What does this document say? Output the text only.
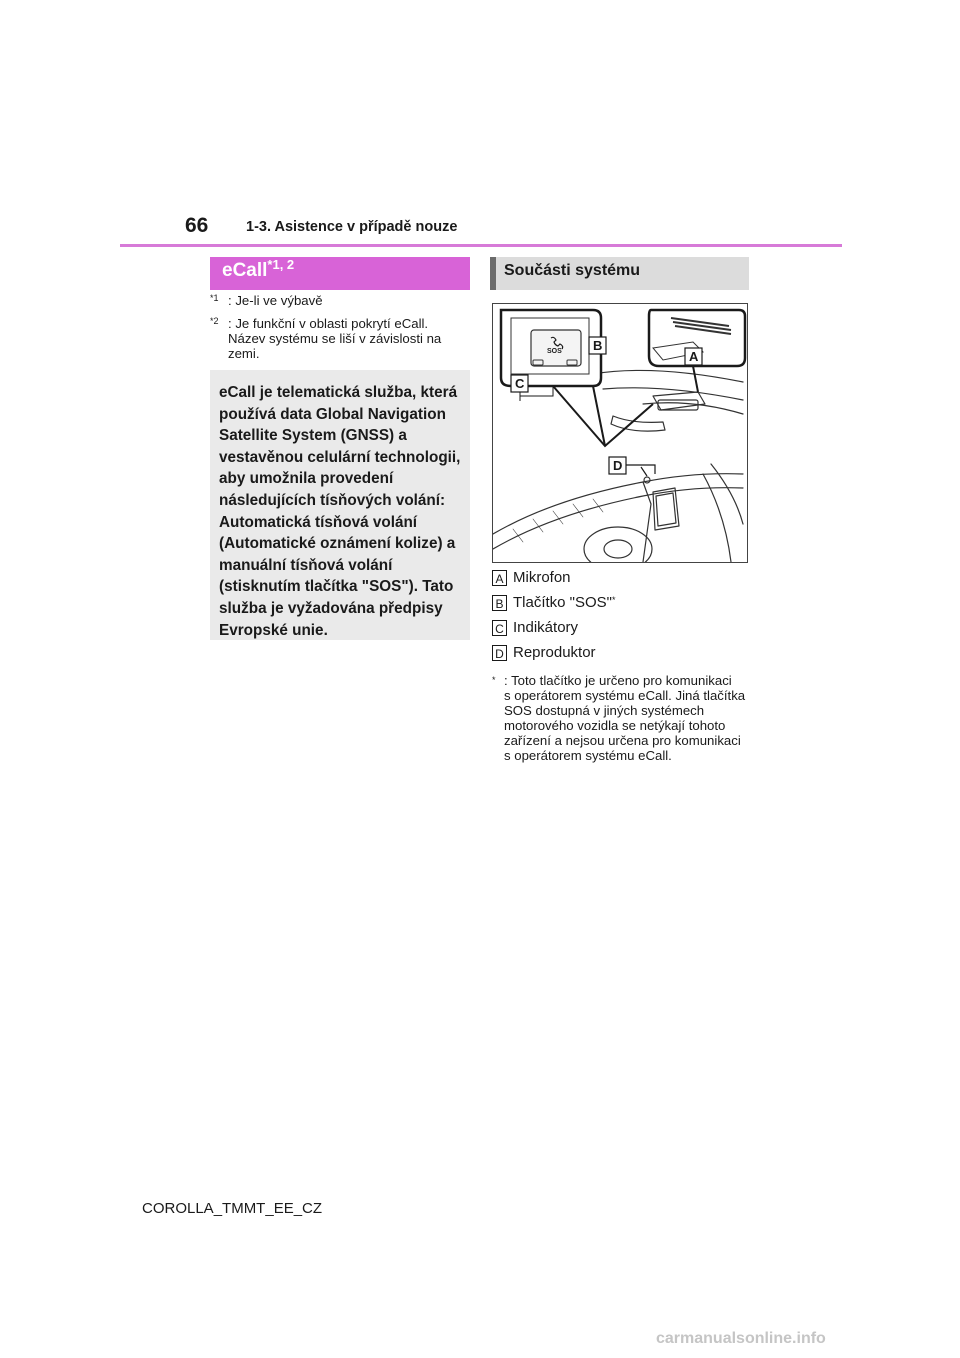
66	1-3. Asistence v případě nouze
eCall$^{*1, 2}$
$^{*1}$ : Je-li ve výbavě
$^{*2}$ : Je funkční v oblasti pokrytí eCall.
Název systému se liší v závislosti na zemi.
eCall je telematická služba, která používá data Global Navigation Satellite System (GNSS) a vestavěnou celulární technologii, aby umožnila provedení následujících tísňových volání: Automatická tísňová volání (Automatické oznámení kolize) a manuální tísňová volání (stisknutím tlačítka "SOS"). Tato služba je vyžadována předpisy Evropské unie.
Součásti systému
SOS B
A
C
D
A Mikrofon
B Tlačítko "SOS"*
C Indikátory
D Reproduktor
* : Toto tlačítko je určeno pro komunikaci
s operátorem systému eCall. Jiná tlačítka SOS dostupná v jiných systémech motorového vozidla se netýkají tohoto zařízení a nejsou určena pro komunikaci s operátorem systému eCall.
COROLLA_TMMT_EE_CZ
carmanualsonline.info
